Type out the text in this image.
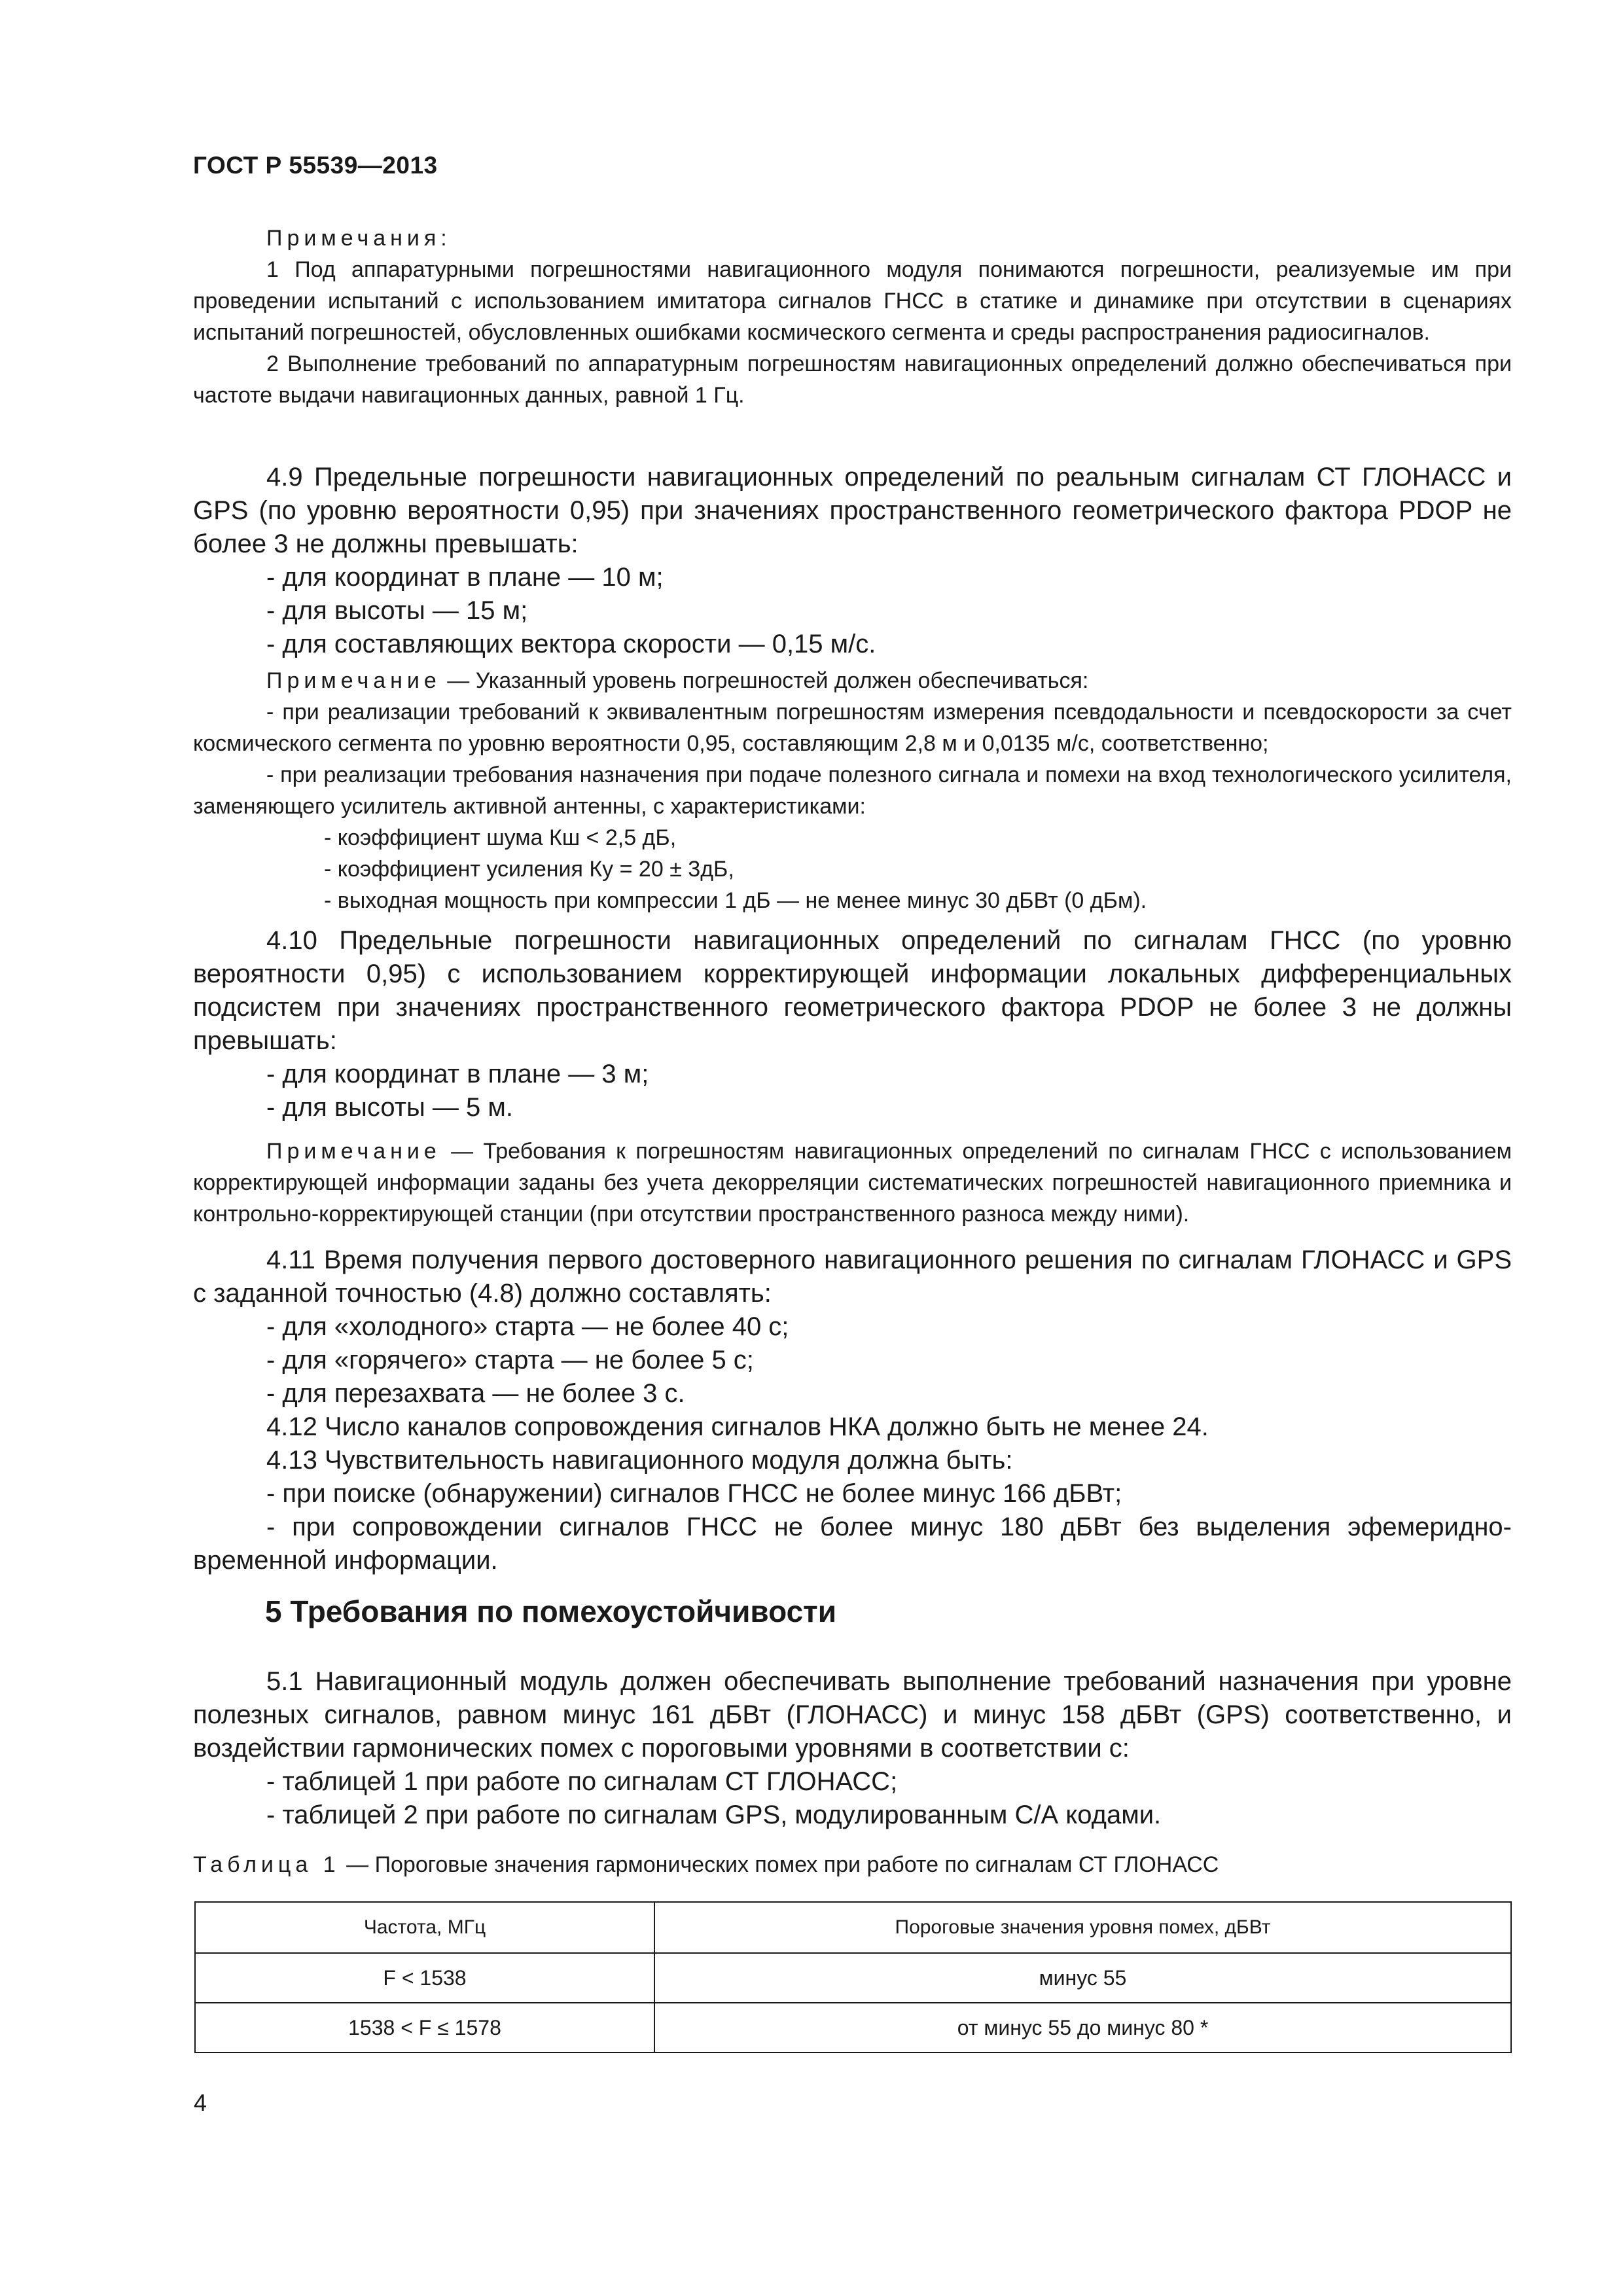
ГОСТ Р 55539—2013

Примечания:

1 Под аппаратурными погрешностями навигационного модуля понимаются погрешности, реализуемые им при проведении испытаний с использованием имитатора сигналов ГНСС в статике и динамике при отсутствии в сценариях испытаний погрешностей, обусловленных ошибками космического сегмента и среды распространения радиосигналов.

2 Выполнение требований по аппаратурным погрешностям навигационных определений должно обеспечиваться при частоте выдачи навигационных данных, равной 1 Гц.

4.9 Предельные погрешности навигационных определений по реальным сигналам СТ ГЛОНАСС и GPS (по уровню вероятности 0,95) при значениях пространственного геометрического фактора PDOP не более 3 не должны превышать:

- для координат в плане — 10 м;

- для высоты — 15 м;

- для составляющих вектора скорости — 0,15 м/с.

Примечание — Указанный уровень погрешностей должен обеспечиваться:

- при реализации требований к эквивалентным погрешностям измерения псевдодальности и псевдоскорости за счет космического сегмента по уровню вероятности 0,95, составляющим 2,8 м и 0,0135 м/с, соответственно;

- при реализации требования назначения при подаче полезного сигнала и помехи на вход технологического усилителя, заменяющего усилитель активной антенны, с характеристиками:

- коэффициент шума Кш < 2,5 дБ,

- коэффициент усиления Ку = 20 ± 3дБ,

- выходная мощность при компрессии 1 дБ — не менее минус 30 дБВт (0 дБм).

4.10 Предельные погрешности навигационных определений по сигналам ГНСС (по уровню вероятности 0,95) с использованием корректирующей информации локальных дифференциальных подсистем при значениях пространственного геометрического фактора PDOP не более 3 не должны превышать:

- для координат в плане — 3 м;

- для высоты — 5 м.

Примечание — Требования к погрешностям навигационных определений по сигналам ГНСС с использованием корректирующей информации заданы без учета декорреляции систематических погрешностей навигационного приемника и контрольно-корректирующей станции (при отсутствии пространственного разноса между ними).

4.11 Время получения первого достоверного навигационного решения по сигналам ГЛОНАСС и GPS с заданной точностью (4.8) должно составлять:

- для «холодного» старта — не более 40 с;

- для «горячего» старта — не более 5 с;

- для перезахвата — не более 3 с.

4.12 Число каналов сопровождения сигналов НКА должно быть не менее 24.

4.13 Чувствительность навигационного модуля должна быть:

- при поиске (обнаружении) сигналов ГНСС не более минус 166 дБВт;

- при сопровождении сигналов ГНСС не более минус 180 дБВт без выделения эфемеридно-временной информации.

5 Требования по помехоустойчивости

5.1 Навигационный модуль должен обеспечивать выполнение требований назначения при уровне полезных сигналов, равном минус 161 дБВт (ГЛОНАСС) и минус 158 дБВт (GPS) соответственно, и воздействии гармонических помех с пороговыми уровнями в соответствии с:

- таблицей 1 при работе по сигналам СТ ГЛОНАСС;

- таблицей 2 при работе по сигналам GPS, модулированным С/А кодами.

Таблица 1 — Пороговые значения гармонических помех при работе по сигналам СТ ГЛОНАСС
Частота, МГц	Пороговые значения уровня помех, дБВт
F < 1538	минус 55
1538 < F ≤ 1578	от минус 55 до минус 80 *
4
